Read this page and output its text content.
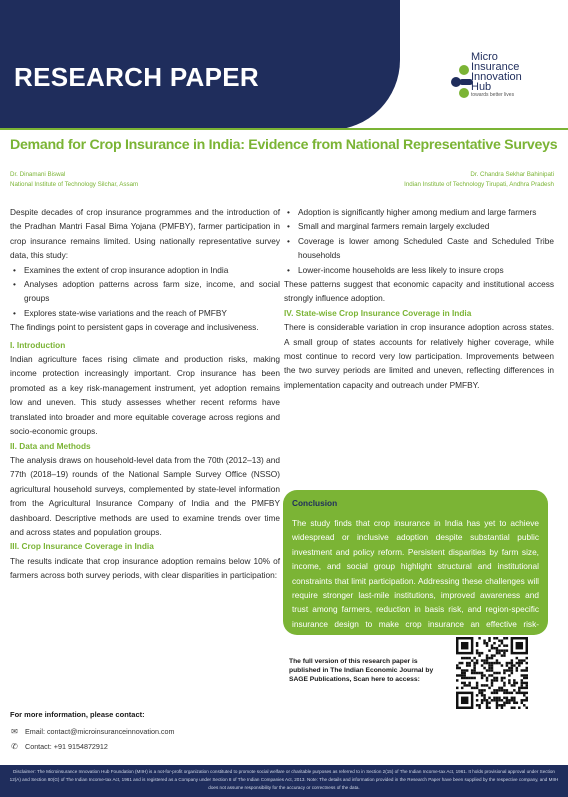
RESEARCH PAPER
Micro
Insurance
Innovation
Hub
towards better lives
Demand for Crop Insurance in India: Evidence from National Representative Surveys
Dr. Dinamani Biswal
National Institute of Technology Silchar, Assam
Dr. Chandra Sekhar Bahinipati
Indian Institute of Technology Tirupati, Andhra Pradesh

Despite decades of crop insurance programmes and the introduction of the Pradhan Mantri Fasal Bima Yojana (PMFBY), farmer participation in crop insurance remains limited. Using nationally representative survey data, this study:

• Examines the extent of crop insurance adoption in India
• Analyses adoption patterns across farm size, income, and social groups
• Explores state-wise variations and the reach of PMFBY

The findings point to persistent gaps in coverage and inclusiveness.

I. Introduction

Indian agriculture faces rising climate and production risks, making income protection increasingly important. Crop insurance has been promoted as a key risk-management instrument, yet adoption remains low and uneven. This study assesses whether recent reforms have translated into broader and more equitable coverage across regions and socio-economic groups.

II. Data and Methods

The analysis draws on household-level data from the 70th (2012–13) and 77th (2018–19) rounds of the National Sample Survey Office (NSSO) agricultural household surveys, complemented by state-level information from the Agricultural Insurance Company of India and the PMFBY dashboard. Descriptive methods are used to examine trends over time and across states and population groups.

III. Crop Insurance Coverage in India

The results indicate that crop insurance adoption remains below 10% of farmers across both survey periods, with clear disparities in participation:

• Adoption is significantly higher among medium and large farmers
• Small and marginal farmers remain largely excluded
• Coverage is lower among Scheduled Caste and Scheduled Tribe households
• Lower-income households are less likely to insure crops

These patterns suggest that economic capacity and institutional access strongly influence adoption.

IV. State-wise Crop Insurance Coverage in India

There is considerable variation in crop insurance adoption across states. A small group of states accounts for relatively higher coverage, while most continue to record very low participation. Improvements between the two survey periods are limited and uneven, reflecting differences in implementation capacity and outreach under PMFBY.

Conclusion

The study finds that crop insurance in India has yet to achieve widespread or inclusive adoption despite substantial public investment and policy reform. Persistent disparities by farm size, income, and social group highlight structural and institutional constraints that limit participation. Addressing these challenges will require stronger last-mile institutions, improved awareness and trust among farmers, reduction in basis risk, and region-specific insurance design to make crop insurance an effective risk-management tool.

The full version of this research paper is published in The Indian Economic Journal by SAGE Publications, Scan here to access:
For more information, please contact:
✉ Email: contact@microinsuranceinnovation.com
✆ Contact: +91 9154872912
Disclaimer: The Microinsurance Innovation Hub Foundation (MIIH) is a not-for-profit organization constituted to promote social welfare or charitable purposes as referred to in Section 2(15) of The Indian Income-tax Act, 1961. It holds provisional approval under Section 12(A) and Section 80(G) of The Indian Income-tax Act, 1961 and is registered as a Company under Section 8 of The Indian Companies Act, 2013. Note: The details and information provided in the Research Paper have been supplied by the respective company, and MIIH does not assume responsibility for the accuracy or correctness of the data.
